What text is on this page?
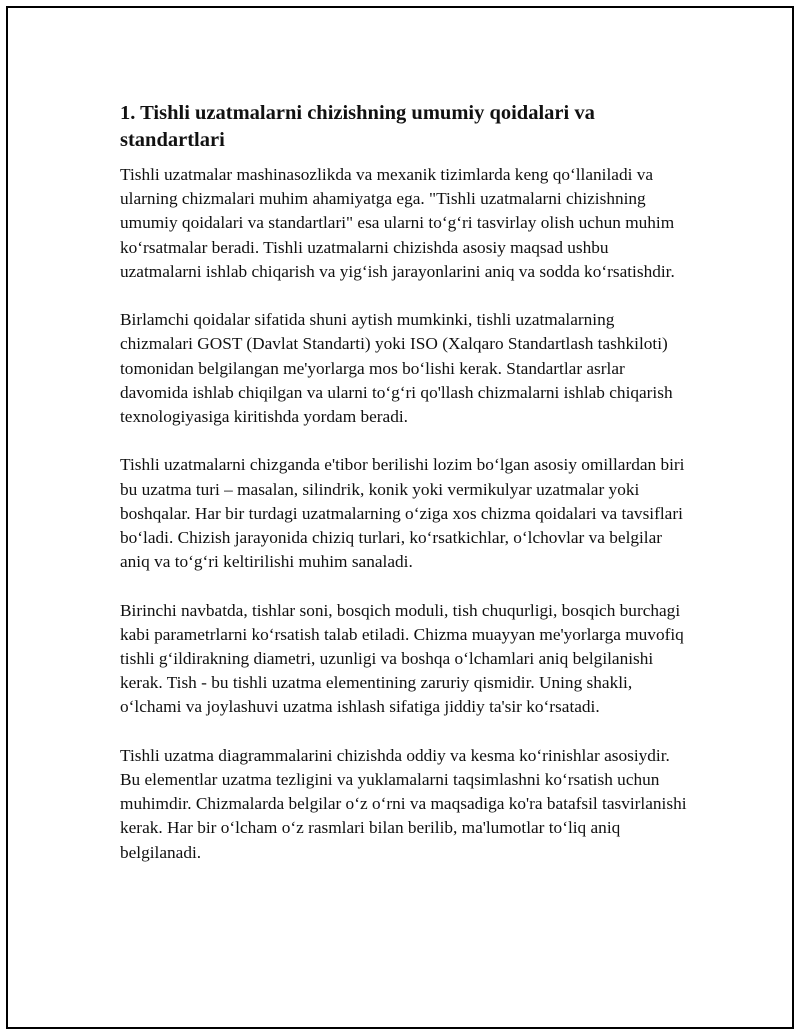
1. Tishli uzatmalarni chizishning umumiy qoidalari va standartlari

Tishli uzatmalar mashinasozlikda va mexanik tizimlarda keng qo‘llaniladi va ularning chizmalari muhim ahamiyatga ega. "Tishli uzatmalarni chizishning umumiy qoidalari va standartlari" esa ularni to‘g‘ri tasvirlay olish uchun muhim ko‘rsatmalar beradi. Tishli uzatmalarni chizishda asosiy maqsad ushbu uzatmalarni ishlab chiqarish va yig‘ish jarayonlarini aniq va sodda ko‘rsatishdir.

Birlamchi qoidalar sifatida shuni aytish mumkinki, tishli uzatmalarning chizmalari GOST (Davlat Standarti) yoki ISO (Xalqaro Standartlash tashkiloti) tomonidan belgilangan me'yorlarga mos bo‘lishi kerak. Standartlar asrlar davomida ishlab chiqilgan va ularni to‘g‘ri qo'llash chizmalarni ishlab chiqarish texnologiyasiga kiritishda yordam beradi.

Tishli uzatmalarni chizganda e'tibor berilishi lozim bo‘lgan asosiy omillardan biri bu uzatma turi – masalan, silindrik, konik yoki vermikulyar uzatmalar yoki boshqalar. Har bir turdagi uzatmalarning o‘ziga xos chizma qoidalari va tavsiflari bo‘ladi. Chizish jarayonida chiziq turlari, ko‘rsatkichlar, o‘lchovlar va belgilar aniq va to‘g‘ri keltirilishi muhim sanaladi.

Birinchi navbatda, tishlar soni, bosqich moduli, tish chuqurligi, bosqich burchagi kabi parametrlarni ko‘rsatish talab etiladi. Chizma muayyan me'yorlarga muvofiq tishli g‘ildirakning diametri, uzunligi va boshqa o‘lchamlari aniq belgilanishi kerak. Tish - bu tishli uzatma elementining zaruriy qismidir. Uning shakli, o‘lchami va joylashuvi uzatma ishlash sifatiga jiddiy ta'sir ko‘rsatadi.

Tishli uzatma diagrammalarini chizishda oddiy va kesma ko‘rinishlar asosiydir. Bu elementlar uzatma tezligini va yuklamalarni taqsimlashni ko‘rsatish uchun muhimdir. Chizmalarda belgilar o‘z o‘rni va maqsadiga ko'ra batafsil tasvirlanishi kerak. Har bir o‘lcham o‘z rasmlari bilan berilib, ma'lumotlar to‘liq aniq belgilanadi.
